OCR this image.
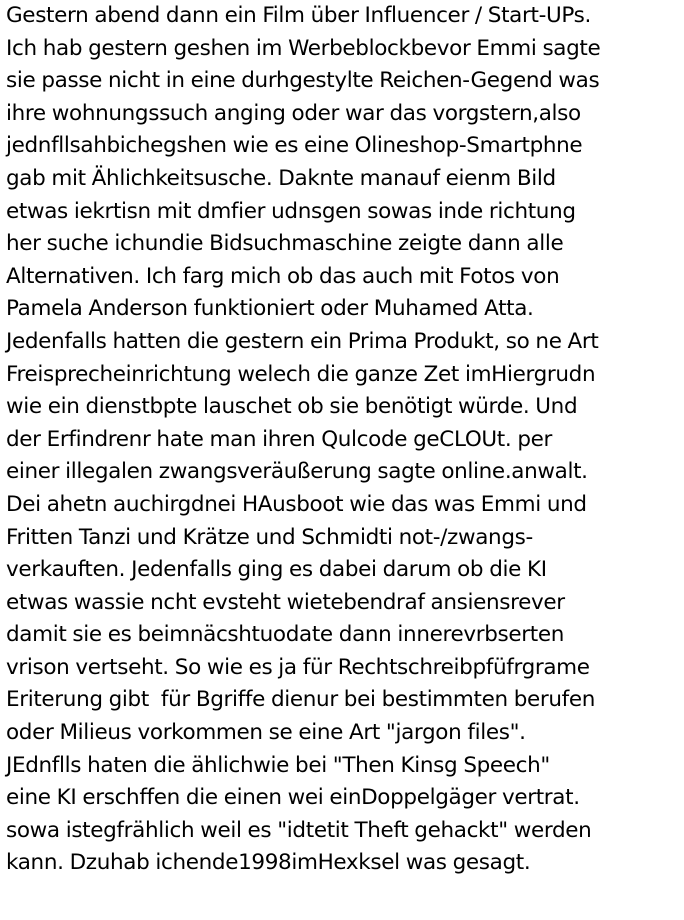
Gestern abend dann ein Film über Influencer / Start-UPs.
Ich hab gestern geshen im Werbeblockbevor Emmi sagte
sie passe nicht in eine durhgestylte Reichen-Gegend was
ihre wohnungssuch anging oder war das vorgstern,also
jednfllsahbichegshen wie es eine Olineshop-Smartphne
gab mit Ählichkeitsusche. Daknte manauf eienm Bild
etwas iekrtisn mit dmfier udnsgen sowas inde richtung
her suche ichundie Bidsuchmaschine zeigte dann alle
Alternativen. Ich farg mich ob das auch mit Fotos von
Pamela Anderson funktioniert oder Muhamed Atta.
Jedenfalls hatten die gestern ein Prima Produkt, so ne Art
Freisprecheinrichtung welech die ganze Zet imHiergrudn
wie ein dienstbpte lauschet ob sie benötigt würde. Und
der Erfindrenr hate man ihren Qulcode geCLOUt. per
einer illegalen zwangsveräußerung sagte online.anwalt.
Dei ahetn auchirgdnei HAusboot wie das was Emmi und
Fritten Tanzi und Krätze und Schmidti not-/zwangs-
verkauften. Jedenfalls ging es dabei darum ob die KI
etwas wassie ncht evsteht wietebendraf ansiensrever
damit sie es beimnäcshtuodate dann innerevrbserten
vrison vertseht. So wie es ja für Rechtschreibpfüfrgrame
Eriterung gibt  für Bgriffe dienur bei bestimmten berufen
oder Milieus vorkommen se eine Art "jargon files".
JEdnflls haten die ählichwie bei "Then Kinsg Speech"
eine KI erschffen die einen wei einDoppelgäger vertrat.
sowa istegfrählich weil es "idtetit Theft gehackt" werden
kann. Dzuhab ichende1998imHexksel was gesagt.
